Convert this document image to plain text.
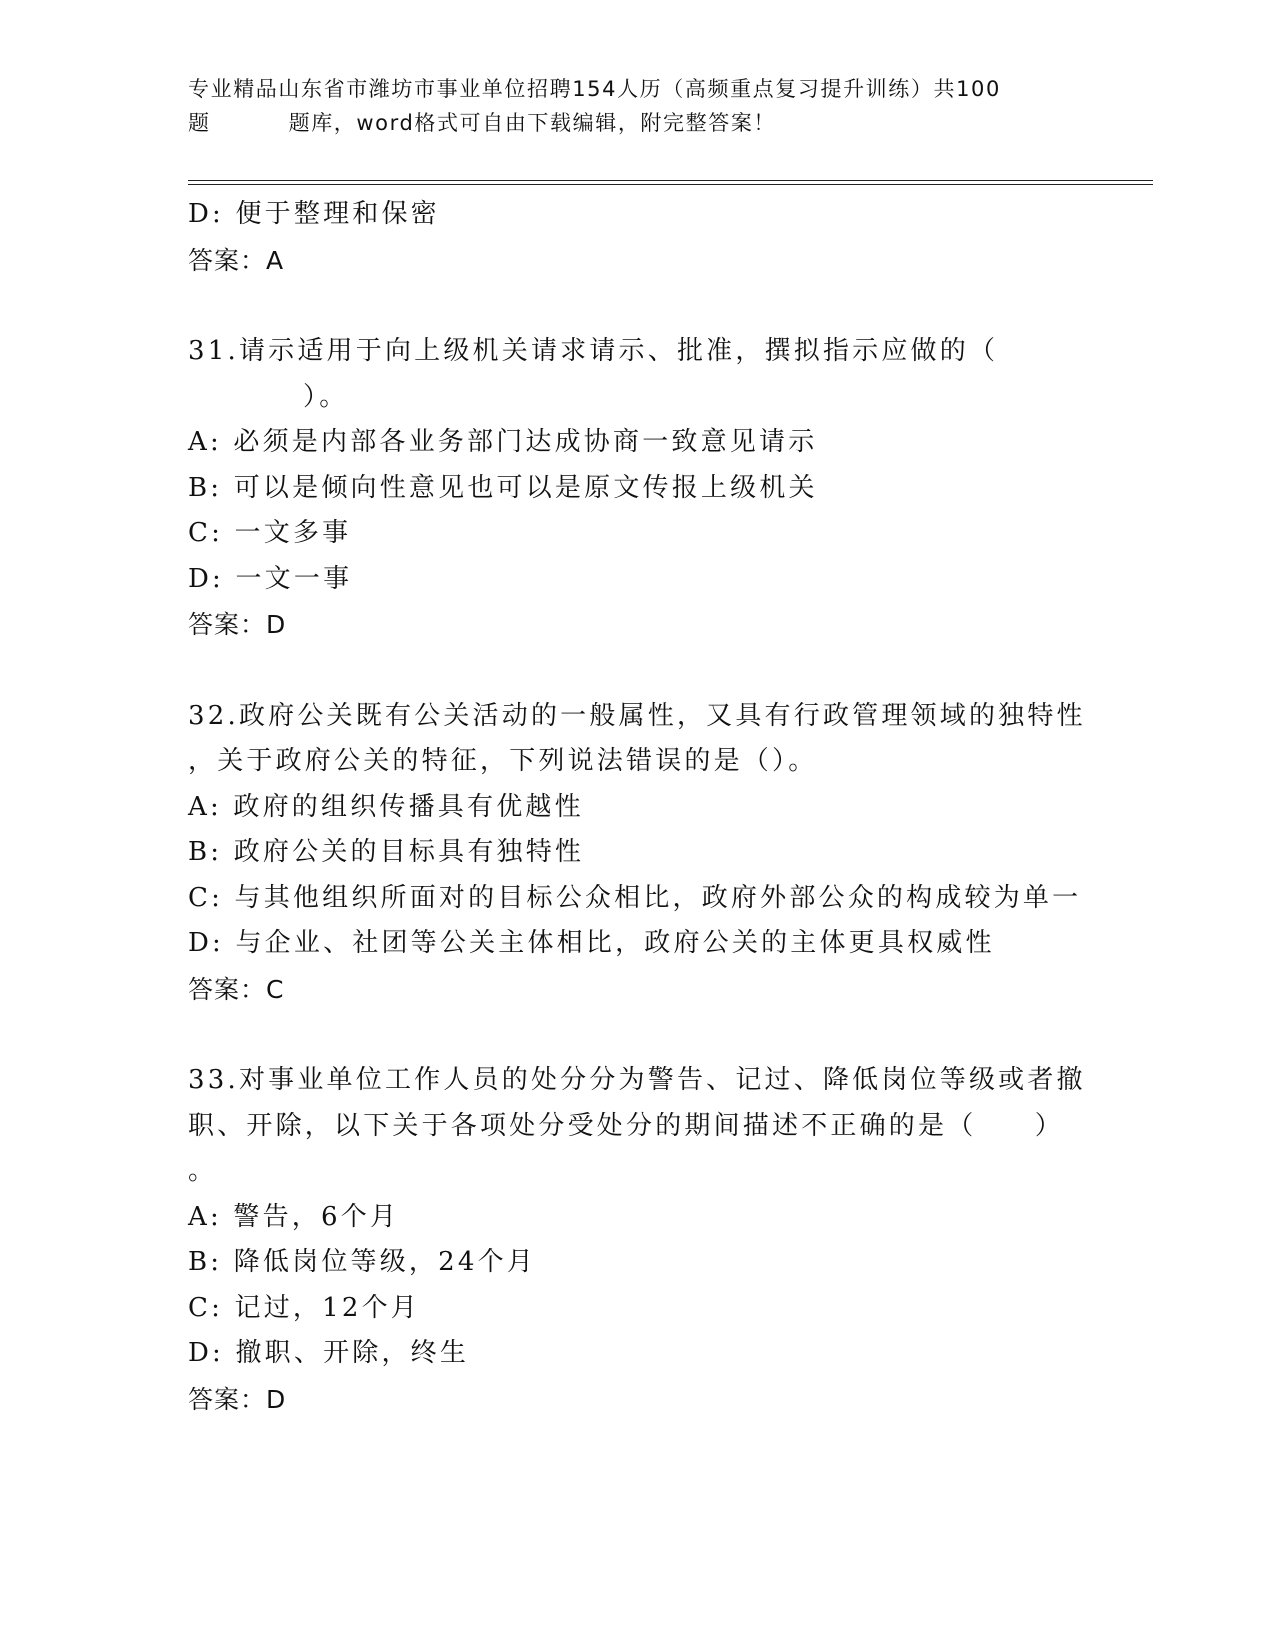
专业精品山东省市潍坊市事业单位招聘154人历（高频重点复习提升训练）共100
题	题库，word格式可自由下载编辑，附完整答案！
D: 便于整理和保密
答案：A
31.请示适用于向上级机关请求请示、批准，撰拟指示应做的（
）。
A: 必须是内部各业务部门达成协商一致意见请示
B: 可以是倾向性意见也可以是原文传报上级机关
C: 一文多事
D: 一文一事
答案：D
32.政府公关既有公关活动的一般属性，又具有行政管理领域的独特性
，关于政府公关的特征，下列说法错误的是（）。
A: 政府的组织传播具有优越性
B: 政府公关的目标具有独特性
C: 与其他组织所面对的目标公众相比，政府外部公众的构成较为单一
D: 与企业、社团等公关主体相比，政府公关的主体更具权威性
答案：C
33.对事业单位工作人员的处分分为警告、记过、降低岗位等级或者撤
职、开除，以下关于各项处分受处分的期间描述不正确的是（　　）
。
A: 警告，6个月
B: 降低岗位等级，24个月
C: 记过，12个月
D: 撤职、开除，终生
答案：D
